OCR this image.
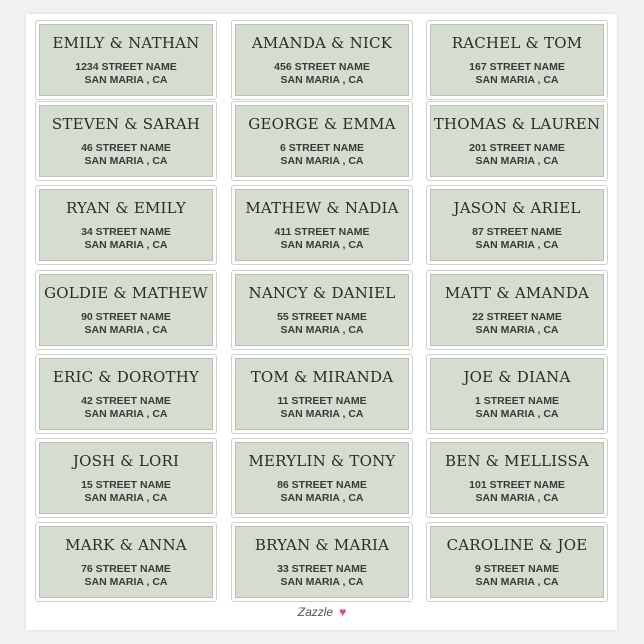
EMILY & NATHAN
1234 STREET NAME
SAN MARIA , CA
AMANDA & NICK
456 STREET NAME
SAN MARIA , CA
RACHEL & TOM
167 STREET NAME
SAN MARIA , CA
STEVEN & SARAH
46 STREET NAME
SAN MARIA , CA
GEORGE & EMMA
6 STREET NAME
SAN MARIA , CA
THOMAS & LAUREN
201 STREET NAME
SAN MARIA , CA
RYAN & EMILY
34 STREET NAME
SAN MARIA , CA
MATHEW & NADIA
411 STREET NAME
SAN MARIA , CA
JASON & ARIEL
87 STREET NAME
SAN MARIA , CA
GOLDIE & MATHEW
90 STREET NAME
SAN MARIA , CA
NANCY & DANIEL
55 STREET NAME
SAN MARIA , CA
MATT & AMANDA
22 STREET NAME
SAN MARIA , CA
ERIC & DOROTHY
42 STREET NAME
SAN MARIA , CA
TOM & MIRANDA
11 STREET NAME
SAN MARIA , CA
JOE & DIANA
1 STREET NAME
SAN MARIA , CA
JOSH & LORI
15 STREET NAME
SAN MARIA , CA
MERYLIN & TONY
86 STREET NAME
SAN MARIA , CA
BEN & MELLISSA
101 STREET NAME
SAN MARIA , CA
MARK & ANNA
76 STREET NAME
SAN MARIA , CA
BRYAN & MARIA
33 STREET NAME
SAN MARIA , CA
CAROLINE & JOE
9 STREET NAME
SAN MARIA , CA
Zazzle ♥
